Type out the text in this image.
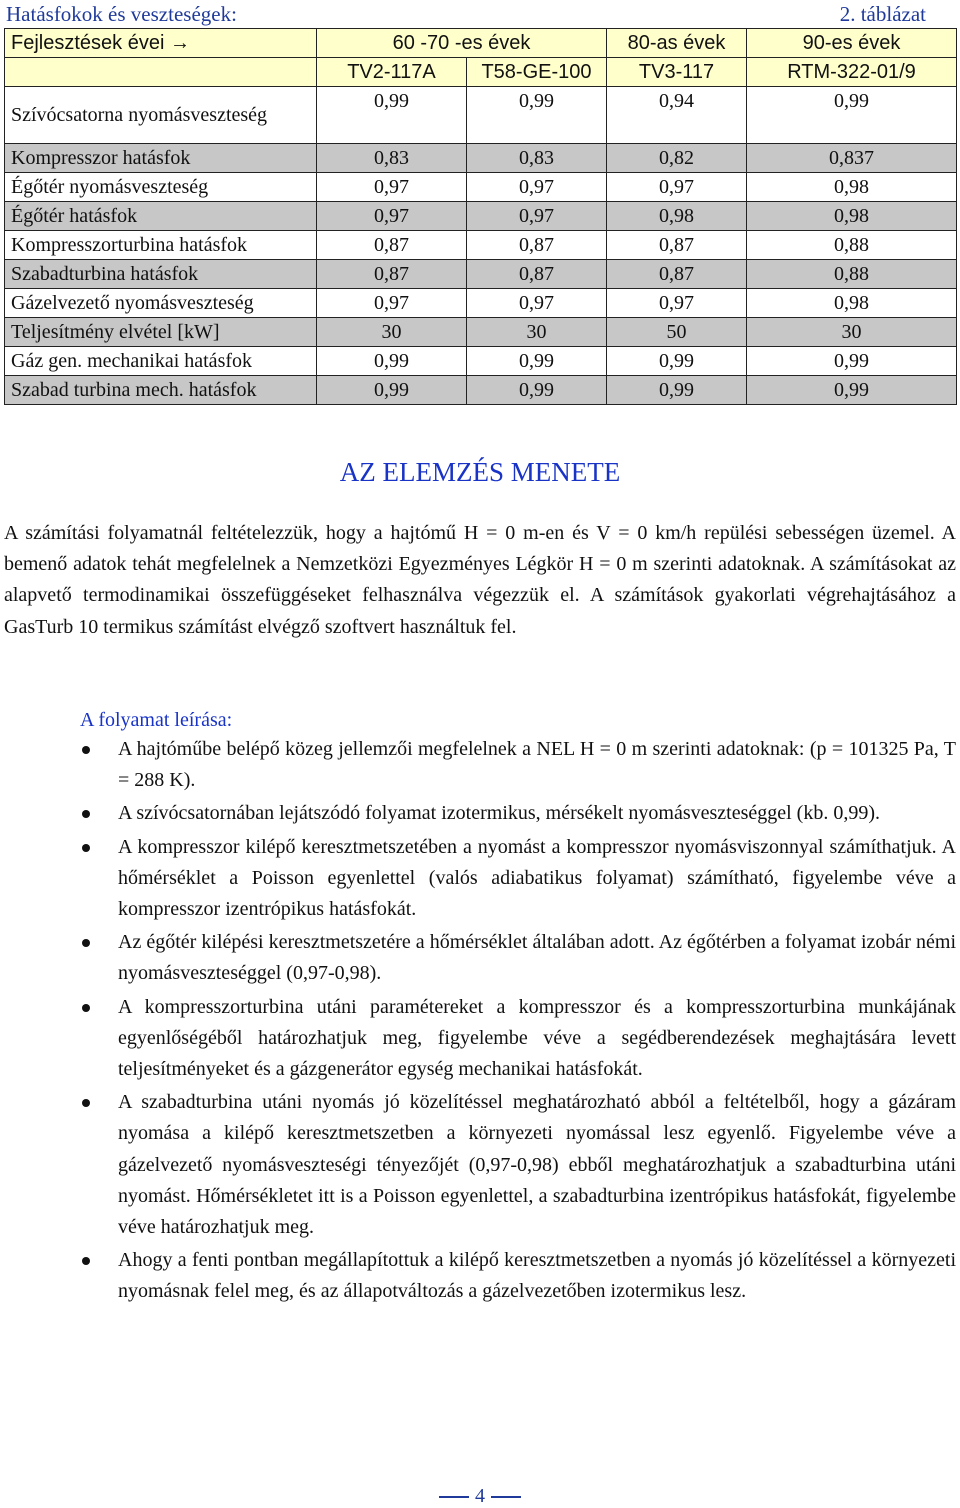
Hatásfokok és veszteségek:	2. táblázat
Fejlesztések évei →	60 -70 -es évek		80-as évek	90-es évek
	TV2-117A	T58-GE-100	TV3-117	RTM-322-01/9
Szívócsatorna nyomásveszteség	0,99	0,99	0,94	0,99
Kompresszor hatásfok	0,83	0,83	0,82	0,837
Égőtér nyomásveszteség	0,97	0,97	0,97	0,98
Égőtér hatásfok	0,97	0,97	0,98	0,98
Kompresszorturbina hatásfok	0,87	0,87	0,87	0,88
Szabadturbina hatásfok	0,87	0,87	0,87	0,88
Gázelvezető nyomásveszteség	0,97	0,97	0,97	0,98
Teljesítmény elvétel [kW]	30	30	50	30
Gáz gen. mechanikai hatásfok	0,99	0,99	0,99	0,99
Szabad turbina mech. hatásfok	0,99	0,99	0,99	0,99
AZ ELEMZÉS MENETE
A számítási folyamatnál feltételezzük, hogy a hajtómű H = 0 m-en és V = 0 km/h repülési sebességen üzemel. A bemenő adatok tehát megfelelnek a Nemzetközi Egyezményes Légkör H = 0 m szerinti adatoknak. A számításokat az alapvető termodinamikai összefüggéseket felhasználva végezzük el. A számítások gyakorlati végrehajtásához a GasTurb 10 termikus számítást elvégző szoftvert használtuk fel.
A folyamat leírása:
A hajtóműbe belépő közeg jellemzői megfelelnek a NEL H = 0 m szerinti adatoknak: (p = 101325 Pa, T = 288 K).
A szívócsatornában lejátszódó folyamat izotermikus, mérsékelt nyomásveszteséggel (kb. 0,99).
A kompresszor kilépő keresztmetszetében a nyomást a kompresszor nyomásviszonnyal számíthatjuk. A hőmérséklet a Poisson egyenlettel (valós adiabatikus folyamat) számítható, figyelembe véve a kompresszor izentrópikus hatásfokát.
Az égőtér kilépési keresztmetszetére a hőmérséklet általában adott. Az égőtérben a folyamat izobár némi nyomásveszteséggel (0,97-0,98).
A kompresszorturbina utáni paramétereket a kompresszor és a kompresszorturbina munkájának egyenlőségéből határozhatjuk meg, figyelembe véve a segédberendezések meghajtására levett teljesítményeket és a gázgenerátor egység mechanikai hatásfokát.
A szabadturbina utáni nyomás jó közelítéssel meghatározható abból a feltételből, hogy a gázáram nyomása a kilépő keresztmetszetben a környezeti nyomással lesz egyenlő. Figyelembe véve a gázelvezető nyomásveszteségi tényezőjét (0,97-0,98) ebből meghatározhatjuk a szabadturbina utáni nyomást. Hőmérsékletet itt is a Poisson egyenlettel, a szabadturbina izentrópikus hatásfokát, figyelembe véve határozhatjuk meg.
Ahogy a fenti pontban megállapítottuk a kilépő keresztmetszetben a nyomás jó közelítéssel a környezeti nyomásnak felel meg, és az állapotváltozás a gázelvezetőben izotermikus lesz.
4
